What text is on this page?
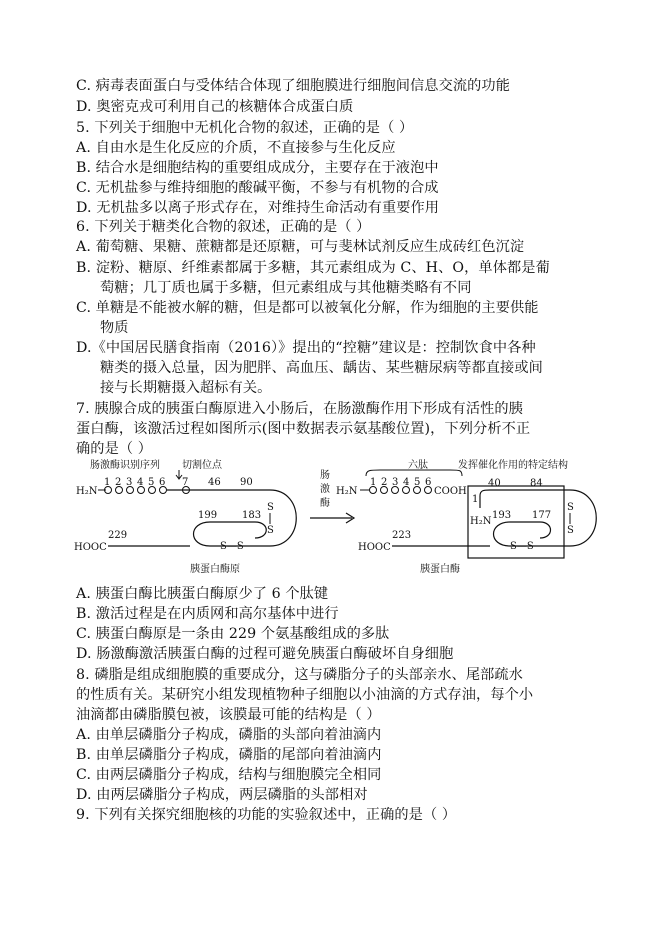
C. 病毒表面蛋白与受体结合体现了细胞膜进行细胞间信息交流的功能
D. 奥密克戎可利用自己的核糖体合成蛋白质
5. 下列关于细胞中无机化合物的叙述，正确的是（ ）
A. 自由水是生化反应的介质，不直接参与生化反应
B. 结合水是细胞结构的重要组成成分，主要存在于液泡中
C. 无机盐参与维持细胞的酸碱平衡，不参与有机物的合成
D. 无机盐多以离子形式存在，对维持生命活动有重要作用
6. 下列关于糖类化合物的叙述，正确的是（ ）
A. 葡萄糖、果糖、蔗糖都是还原糖，可与斐林试剂反应生成砖红色沉淀
B. 淀粉、糖原、纤维素都属于多糖，其元素组成为 C、H、O，单体都是葡
萄糖；几丁质也属于多糖，但元素组成与其他糖类略有不同
C. 单糖是不能被水解的糖，但是都可以被氧化分解，作为细胞的主要供能
物质
D.《中国居民膳食指南（2016）》提出的“控糖”建议是：控制饮食中各种
糖类的摄入总量，因为肥胖、高血压、龋齿、某些糖尿病等都直接或间
接与长期糖摄入超标有关。
7. 胰腺合成的胰蛋白酶原进入小肠后，在肠激酶作用下形成有活性的胰
蛋白酶，该激活过程如图所示(图中数据表示氨基酸位置)，下列分析不正
确的是（ ）
肠激酶识别序列 切割位点
H₂N
1 2 3 4 5 6 7 46 90
S
S
199 183
S—S
HOOC
229
胰蛋白酶原
肠
激
酶
六肽
H₂N
1 2 3 4 5 6
COOH
发挥催化作用的特定结构
1
40	84
H₂N
S
S
193 177
S—S
HOOC
223
胰蛋白酶
A. 胰蛋白酶比胰蛋白酶原少了 6 个肽键
B. 激活过程是在内质网和高尔基体中进行
C. 胰蛋白酶原是一条由 229 个氨基酸组成的多肽
D. 肠激酶激活胰蛋白酶的过程可避免胰蛋白酶破坏自身细胞
8. 磷脂是组成细胞膜的重要成分，这与磷脂分子的头部亲水、尾部疏水
的性质有关。某研究小组发现植物种子细胞以小油滴的方式存油，每个小
油滴都由磷脂膜包被，该膜最可能的结构是（ ）
A. 由单层磷脂分子构成，磷脂的头部向着油滴内
B. 由单层磷脂分子构成，磷脂的尾部向着油滴内
C. 由两层磷脂分子构成，结构与细胞膜完全相同
D. 由两层磷脂分子构成，两层磷脂的头部相对
9. 下列有关探究细胞核的功能的实验叙述中，正确的是（ ）
